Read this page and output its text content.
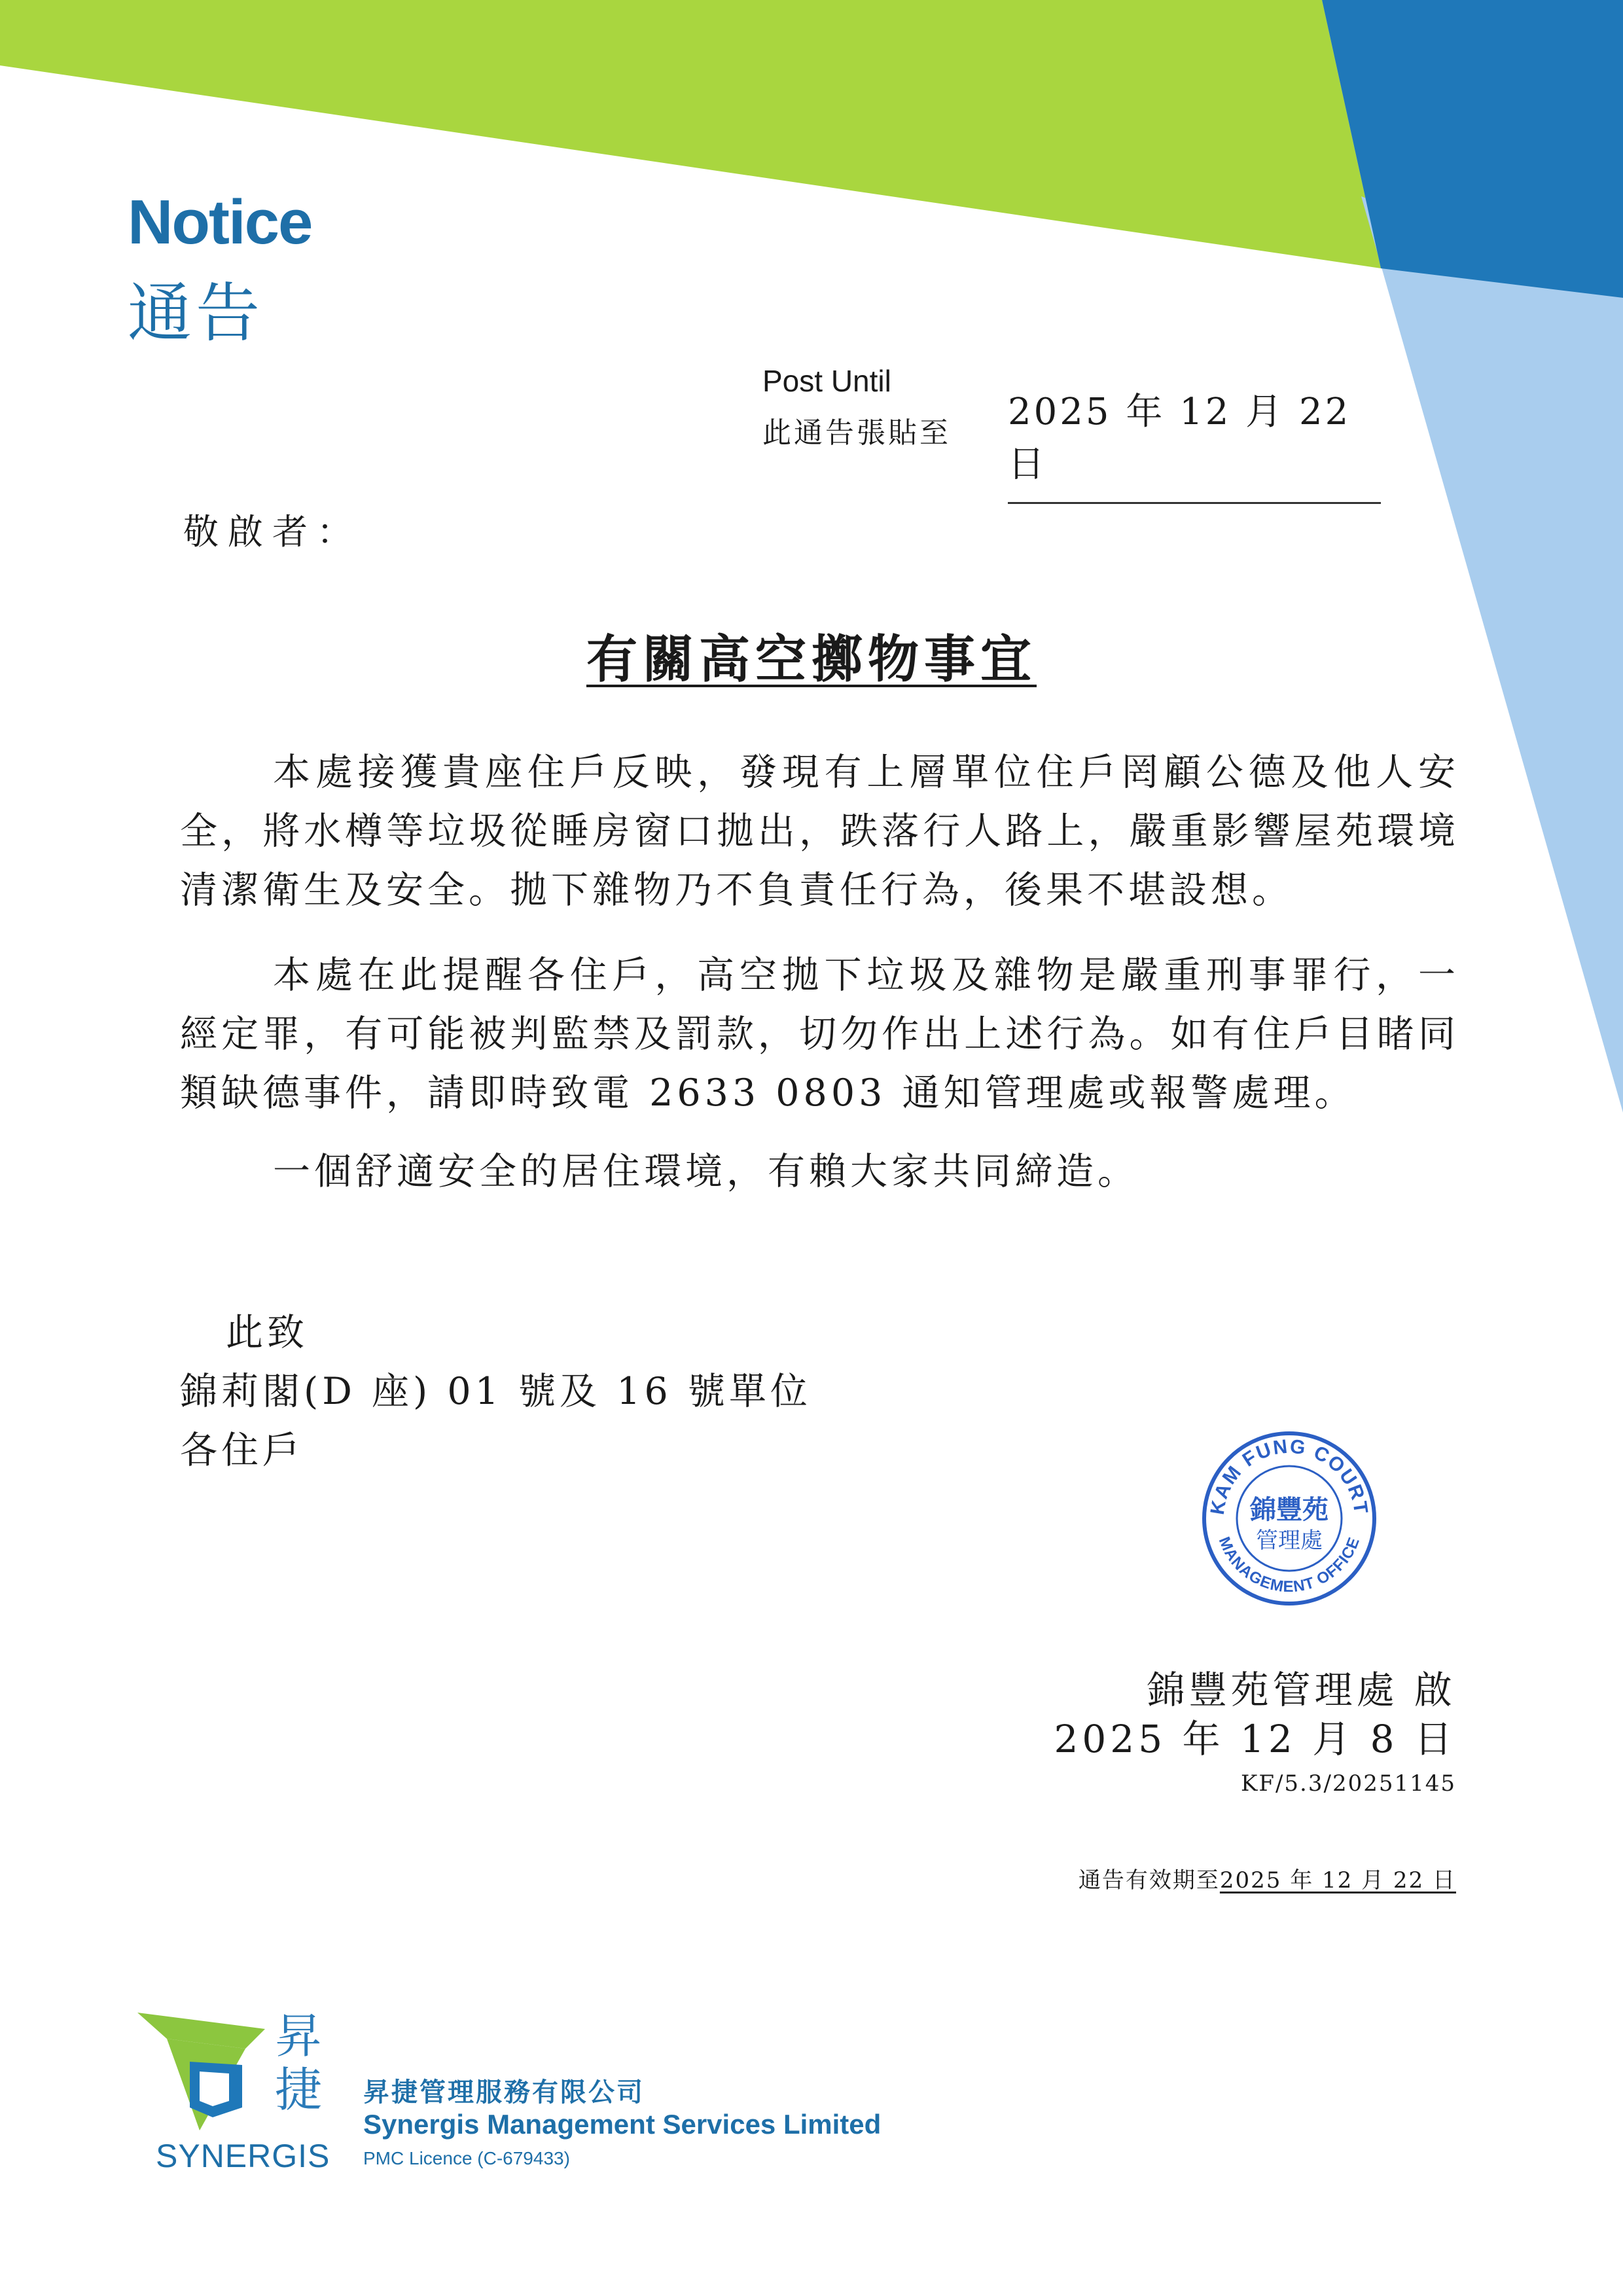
Notice
通告
Post Until
此通告張貼至 2025 年 12 月 22 日
敬啟者：
有關高空擲物事宜
本處接獲貴座住戶反映，發現有上層單位住戶罔顧公德及他人安全，將水樽等垃圾從睡房窗口拋出，跌落行人路上，嚴重影響屋苑環境清潔衛生及安全。拋下雜物乃不負責任行為，後果不堪設想。
本處在此提醒各住戶，高空拋下垃圾及雜物是嚴重刑事罪行，一經定罪，有可能被判監禁及罰款，切勿作出上述行為。如有住戶目睹同類缺德事件，請即時致電 2633 0803 通知管理處或報警處理。
一個舒適安全的居住環境，有賴大家共同締造。
此致
錦莉閣(D 座) 01 號及 16 號單位
各住戶
KAM FUNG COURT
MANAGEMENT OFFICE
錦豐苑
管理處
錦豐苑管理處 啟
2025 年 12 月 8 日
KF/5.3/20251145
通告有效期至2025 年 12 月 22 日
昇
捷
SYNERGIS
昇捷管理服務有限公司
Synergis Management Services Limited
PMC Licence (C-679433)
